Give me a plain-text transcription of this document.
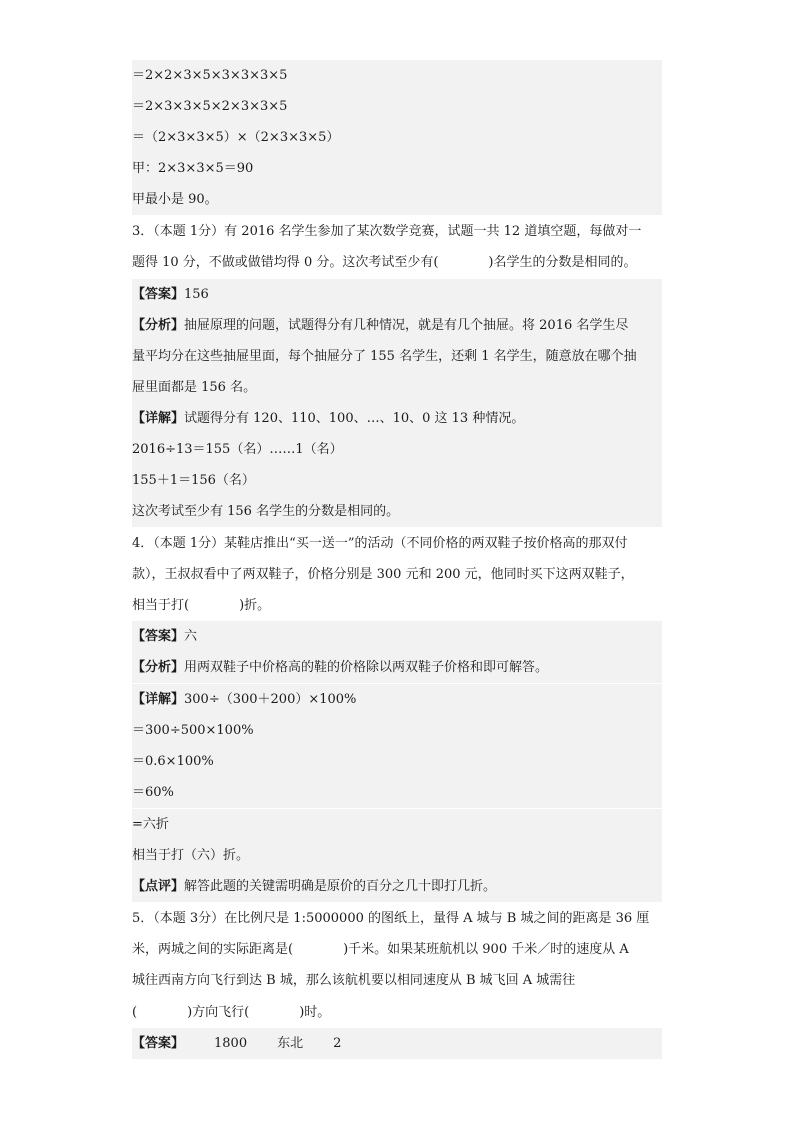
＝2×2×3×5×3×3×3×5
＝2×3×3×5×2×3×3×5
＝（2×3×3×5）×（2×3×3×5）
甲：2×3×3×5＝90
甲最小是 90。
3．（本题 1分）有 2016 名学生参加了某次数学竞赛，试题一共 12 道填空题，每做对一
题得 10 分，不做或做错均得 0 分。这次考试至少有(	)名学生的分数是相同的。
【答案】156
【分析】抽屉原理的问题，试题得分有几种情况，就是有几个抽屉。将 2016 名学生尽
量平均分在这些抽屉里面，每个抽屉分了 155 名学生，还剩 1 名学生，随意放在哪个抽
屉里面都是 156 名。
【详解】试题得分有 120、110、100、…、10、0 这 13 种情况。
2016÷13＝155（名）……1（名）
155＋1＝156（名）
这次考试至少有 156 名学生的分数是相同的。
4．（本题 1分）某鞋店推出“买一送一”的活动（不同价格的两双鞋子按价格高的那双付
款），王叔叔看中了两双鞋子，价格分别是 300 元和 200 元，他同时买下这两双鞋子，
相当于打(	)折。
【答案】六
【分析】用两双鞋子中价格高的鞋的价格除以两双鞋子价格和即可解答。
【详解】300÷（300＋200）×100%
＝300÷500×100%
＝0.6×100%
＝60%
=六折
相当于打（六）折。
【点评】解答此题的关键需明确是原价的百分之几十即打几折。
5．（本题 3分）在比例尺是 1:5000000 的图纸上，量得 A 城与 B 城之间的距离是 36 厘
米，两城之间的实际距离是(	)千米。如果某班航机以 900 千米／时的速度从 A
城往西南方向飞行到达 B 城，那么该航机要以相同速度从 B 城飞回 A 城需往
(	)方向飞行(	)时。
【答案】 1800 东北 2
